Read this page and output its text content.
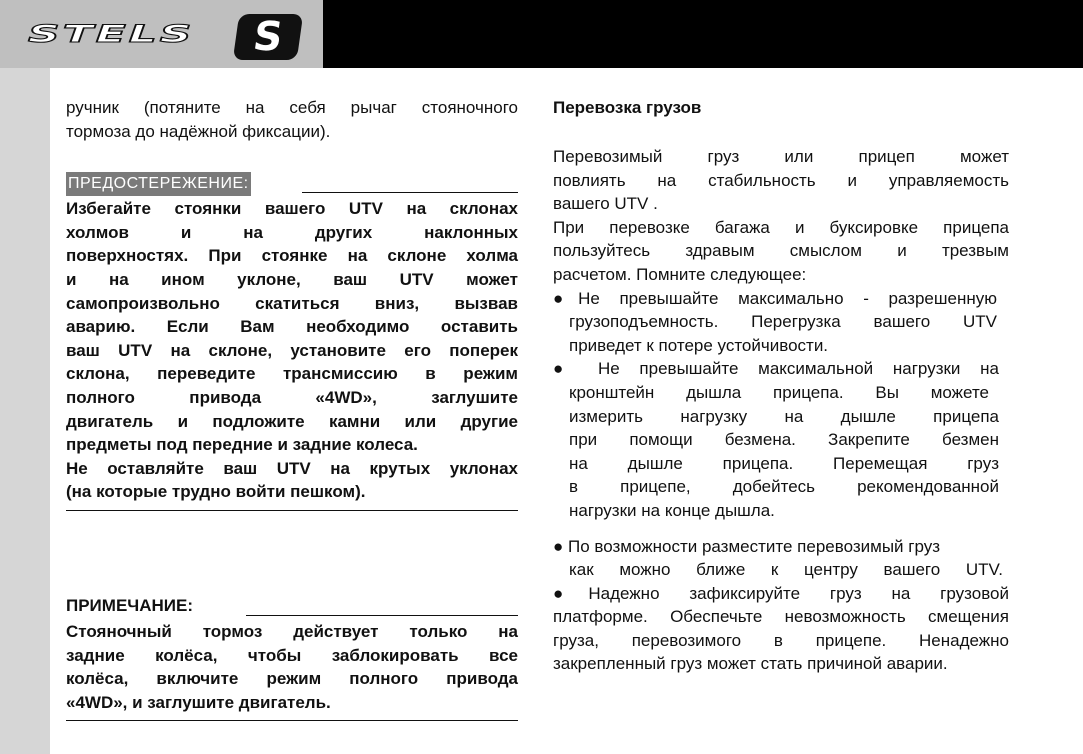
STELS	S

ручник (потяните на себя рычаг стояночного

тормоза до надёжной фиксации).

ПРЕДОСТЕРЕЖЕНИЕ:

Избегайте стоянки вашего UTV на склонах

холмов и на других наклонных

поверхностях. При стоянке на склоне холма

и на ином уклоне, ваш UTV может

самопроизвольно скатиться вниз, вызвав

аварию. Если Вам необходимо оставить

ваш UTV на склоне, установите его поперек

склона, переведите трансмиссию в режим

полного привода «4WD», заглушите

двигатель и подложите камни или другие

предметы под передние и задние колеса.

Не оставляйте ваш UTV на крутых уклонах

(на которые трудно войти пешком).

ПРИМЕЧАНИЕ:

Стояночный тормоз действует только на

задние колёса, чтобы заблокировать все

колёса, включите режим полного привода

«4WD», и заглушите двигатель.

Перевозка грузов

Перевозимый груз или прицеп может

повлиять на стабильность и управляемость

вашего UTV .

При перевозке багажа и буксировке прицепа

пользуйтесь здравым смыслом и трезвым

расчетом. Помните следующее:

●Не превышайте максимально - разрешенную

грузоподъемность. Перегрузка вашего UTV

приведет к потере устойчивости.

● Не превышайте максимальной нагрузки на

кронштейн дышла прицепа. Вы можете

измерить нагрузку на дышле прицепа

при помощи безмена. Закрепите безмен

на дышле прицепа. Перемещая груз

в прицепе, добейтесь рекомендованной

нагрузки на конце дышла.

● По возможности разместите перевозимый груз

как можно ближе к центру вашего UTV.

●Надежно зафиксируйте груз на грузовой

платформе. Обеспечьте невозможность смещения

груза, перевозимого в прицепе. Ненадежно

закрепленный груз может стать причиной аварии.
